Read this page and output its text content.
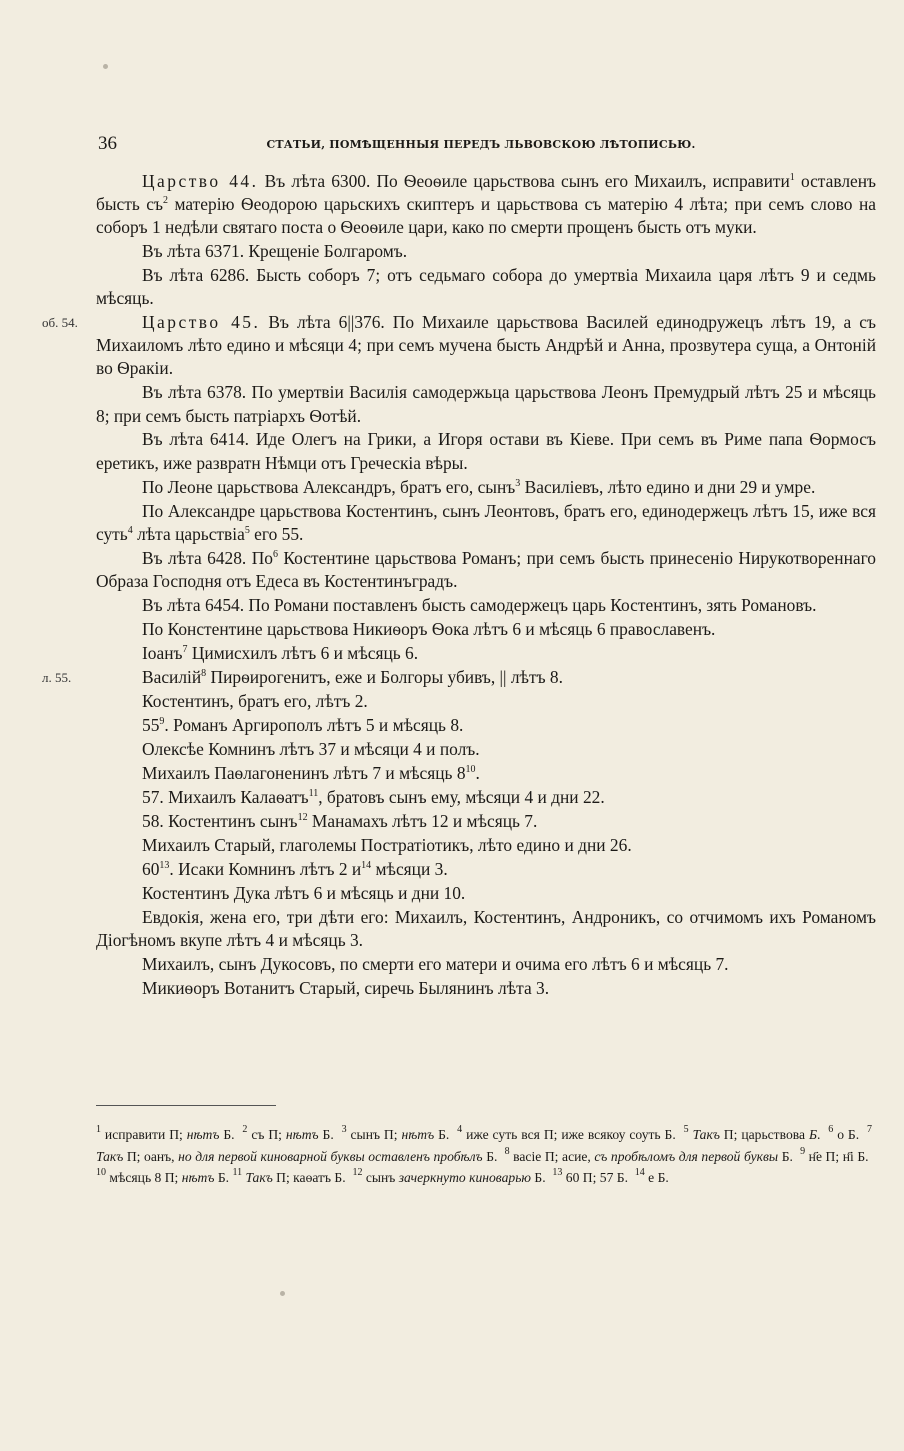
36	СТАТЬИ, ПОМѢЩЕННЫЯ ПЕРЕДЪ ЛЬВОВСКОЮ ЛѢТОПИСЬЮ.

Царство 44. Въ лѣта 6300. По Ѳеоѳиле царьствова сынъ его Михаилъ, исправити$^1$ оставленъ бысть $съ^2$ матерію Ѳеодорою царьскихъ скиптеръ и царьствова съ матерію 4 лѣта; при семъ слово на соборъ 1 недѣли святаго поста о Ѳеоѳиле цари, како по смерти прощенъ бысть отъ муки.

Въ лѣта 6371. Крещеніе Болгаромъ.

Въ лѣта 6286. Бысть соборъ 7; отъ седьмаго собора до умертвіа Михаила царя лѣтъ 9 и седмь мѣсяць.

об. 54.	Царство 45. Въ лѣта 6||376. По Михаиле царьствова Василей единодружецъ лѣтъ 19, а съ Михаиломъ лѣто едино и мѣсяци 4; при семъ мучена бысть Андрѣй и Анна, прозвутера суща, а Онтоній во Ѳракіи.

Въ лѣта 6378. По умертвіи Василія самодержьца царьствова Леонъ Премудрый лѣтъ 25 и мѣсяць 8; при семъ бысть патріархъ Ѳотѣй.

Въ лѣта 6414. Иде Олегъ на Грики, а Игоря остави въ Кіеве. При семъ въ Риме папа Ѳормосъ еретикъ, иже развратн Нѣмци отъ Греческіа вѣры.

По Леоне царьствова Александръ, братъ его, сынъ$^3$ Василіевъ, лѣто едино и дни 29 и умре.

По Александре царьствова Костентинъ, сынъ Леонтовъ, братъ его, единодержецъ лѣтъ 15, иже вся суть$^4$ лѣта царьствіа$^5$ его 55.

Въ лѣта 6428. $По^6$ Костентине царьствова Романъ; при семъ бысть принесеніо Нирукотвореннаго Образа Господня отъ Едеса въ Костентинъградъ.

Въ лѣта 6454. По Романи поставленъ бысть самодержецъ царь Костентинъ, зять Романовъ.

По Констентине царьствова Никиѳоръ Ѳока лѣтъ 6 и мѣсяць 6 православенъ.

Іоанъ$^7$ Цимисхилъ лѣтъ 6 и мѣсяць 6.

л. 55.	Василій$^8$ Пирѳирогенитъ, еже и Болгоры убивъ, || лѣтъ 8.

Костентинъ, братъ его, лѣтъ 2.

$55^9$. Романъ Аргирополъ лѣтъ 5 и мѣсяць 8.

Олексѣе Комнинъ лѣтъ 37 и мѣсяци 4 и полъ.

Михаилъ Паѳлагоненинъ лѣтъ 7 и мѣсяць $8^{10}$.

57. Михаилъ Калаѳатъ$^{11}$, братовъ сынъ ему, мѣсяци 4 и дни 22.

58. Костентинъ сынъ$^{12}$ Манамахъ лѣтъ 12 и мѣсяць 7.

Михаилъ Старый, глаголемы Постратіотикъ, лѣто едино и дни 26.

$60^{13}$. Исаки Комнинъ лѣтъ 2 $и^{14}$ мѣсяци 3.

Костентинъ Дука лѣтъ 6 и мѣсяць и дни 10.

Евдокія, жена его, три дѣти его: Михаилъ, Костентинъ, Андроникъ, со отчимомъ ихъ Романомъ Діогѣномъ вкупе лѣтъ 4 и мѣсяць 3.

Михаилъ, сынъ Дукосовъ, по смерти его матери и очима его лѣтъ 6 и мѣсяць 7.

Микиѳоръ Вотанитъ Старый, сиречь Былянинъ лѣта 3.

$^1$ исправити П; нѣтъ Б. $^2$ съ П; нѣтъ Б. $^3$ сынъ П; нѣтъ Б. $^4$ иже суть вся П; иже всякоу соуть Б. $^5$ Такъ П; царьствова Б. $^6$ о Б. $^7$ Такъ П; оанъ, но для первой киноварной буквы оставленъ пробѣлъ Б. $^8$ васіе П; асие, съ пробѣломъ для первой буквы Б. $^9$ н҃е П; н҃і Б.  $^{10}$ мѣсяць 8 П; нѣтъ Б. $^{11}$ Такъ П; каѳатъ Б. $^{12}$ сынъ зачеркнуто киноварью Б. $^{13}$ 60 П; 57 Б. $^{14}$ е Б.
